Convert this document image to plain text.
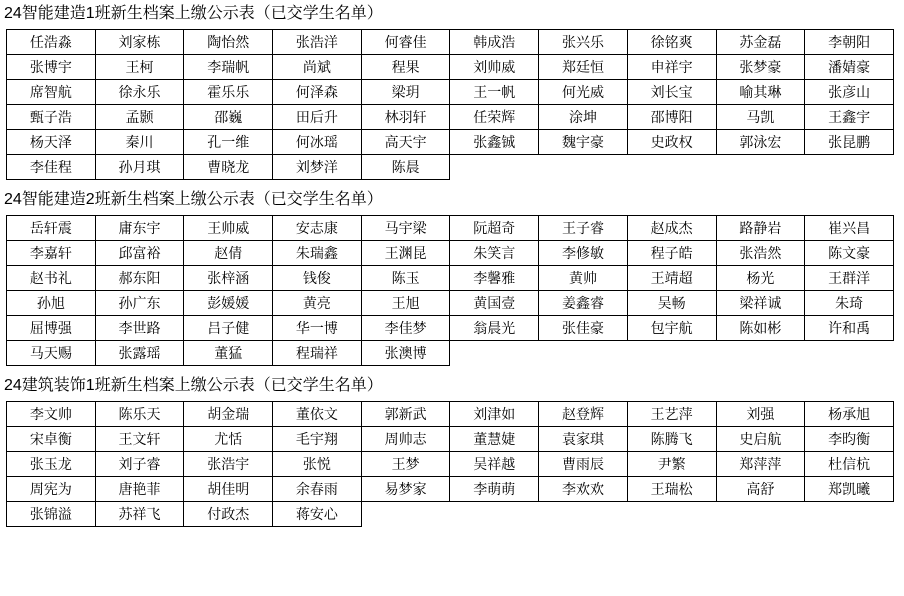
24智能建造1班新生档案上缴公示表（已交学生名单）
任浩淼	刘家栋	陶怡然	张浩洋	何睿佳	韩成浩	张兴乐	徐铭爽	苏金磊	李朝阳
张博宇	王柯	李瑞帆	尚斌	程果	刘帅威	郑廷恒	申祥宇	张梦豪	潘婧豪
席智航	徐永乐	霍乐乐	何泽森	梁玥	王一帆	何光威	刘长宝	喻其琳	张彦山
甄子浩	孟颢	邵巍	田后升	林羽轩	任荣辉	涂坤	邵博阳	马凯	王鑫宇
杨天泽	秦川	孔一维	何冰瑶	高天宇	张鑫铖	魏宇豪	史政权	郭泳宏	张昆鹏
李佳程	孙月琪	曹晓龙	刘梦洋	陈晨					
24智能建造2班新生档案上缴公示表（已交学生名单）
岳轩震	庸东宇	王帅威	安志康	马宇梁	阮超奇	王子睿	赵成杰	路静岩	崔兴昌
李嘉轩	邱富裕	赵倩	朱瑞鑫	王渊昆	朱笑言	李修敏	程子皓	张浩然	陈文豪
赵书礼	郝东阳	张梓涵	钱俊	陈玉	李馨雅	黄帅	王靖超	杨光	王群洋
孙旭	孙广东	彭媛媛	黄亮	王旭	黄国壹	姜鑫睿	吴畅	梁祥诚	朱琦
屈博强	李世路	吕子健	华一博	李佳梦	翁晨光	张佳豪	包宇航	陈如彬	许和禹
马天赐	张露瑶	董猛	程瑞祥	张澳博					
24建筑装饰1班新生档案上缴公示表（已交学生名单）
李文帅	陈乐天	胡金瑞	董依文	郭新武	刘津如	赵登辉	王艺萍	刘强	杨承旭
宋卓衡	王文轩	尤恬	毛宇翔	周帅志	董慧婕	袁家琪	陈腾飞	史启航	李昀衡
张玉龙	刘子睿	张浩宇	张悦	王梦	吴祥越	曹雨辰	尹繁	郑萍萍	杜信杭
周宪为	唐艳菲	胡佳明	余春雨	易梦家	李萌萌	李欢欢	王瑞松	高舒	郑凯曦
张锦溢	苏祥飞	付政杰	蒋安心						
